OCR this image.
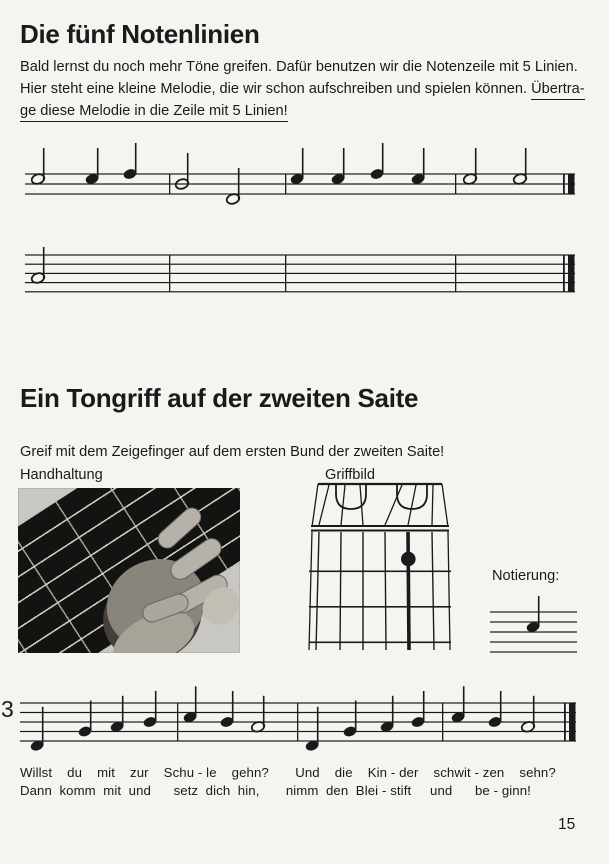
Die fünf Notenlinien
Bald lernst du noch mehr Töne greifen. Dafür benutzen wir die Notenzeile mit 5 Linien.
Hier steht eine kleine Melodie, die wir schon aufschreiben und spielen können. Übertra-
ge diese Melodie in die Zeile mit 5 Linien!
Ein Tongriff auf der zweiten Saite
Greif mit dem Zeigefinger auf dem ersten Bund der zweiten Saite!
Handhaltung	Griffbild
Notierung:
3
Willst    du    mit    zur    Schu - le    gehn?       Und    die    Kin - der    schwit - zen    sehn?
Dann  komm  mit  und      setz  dich  hin,       nimm  den  Blei - stift     und      be - ginn!
15
